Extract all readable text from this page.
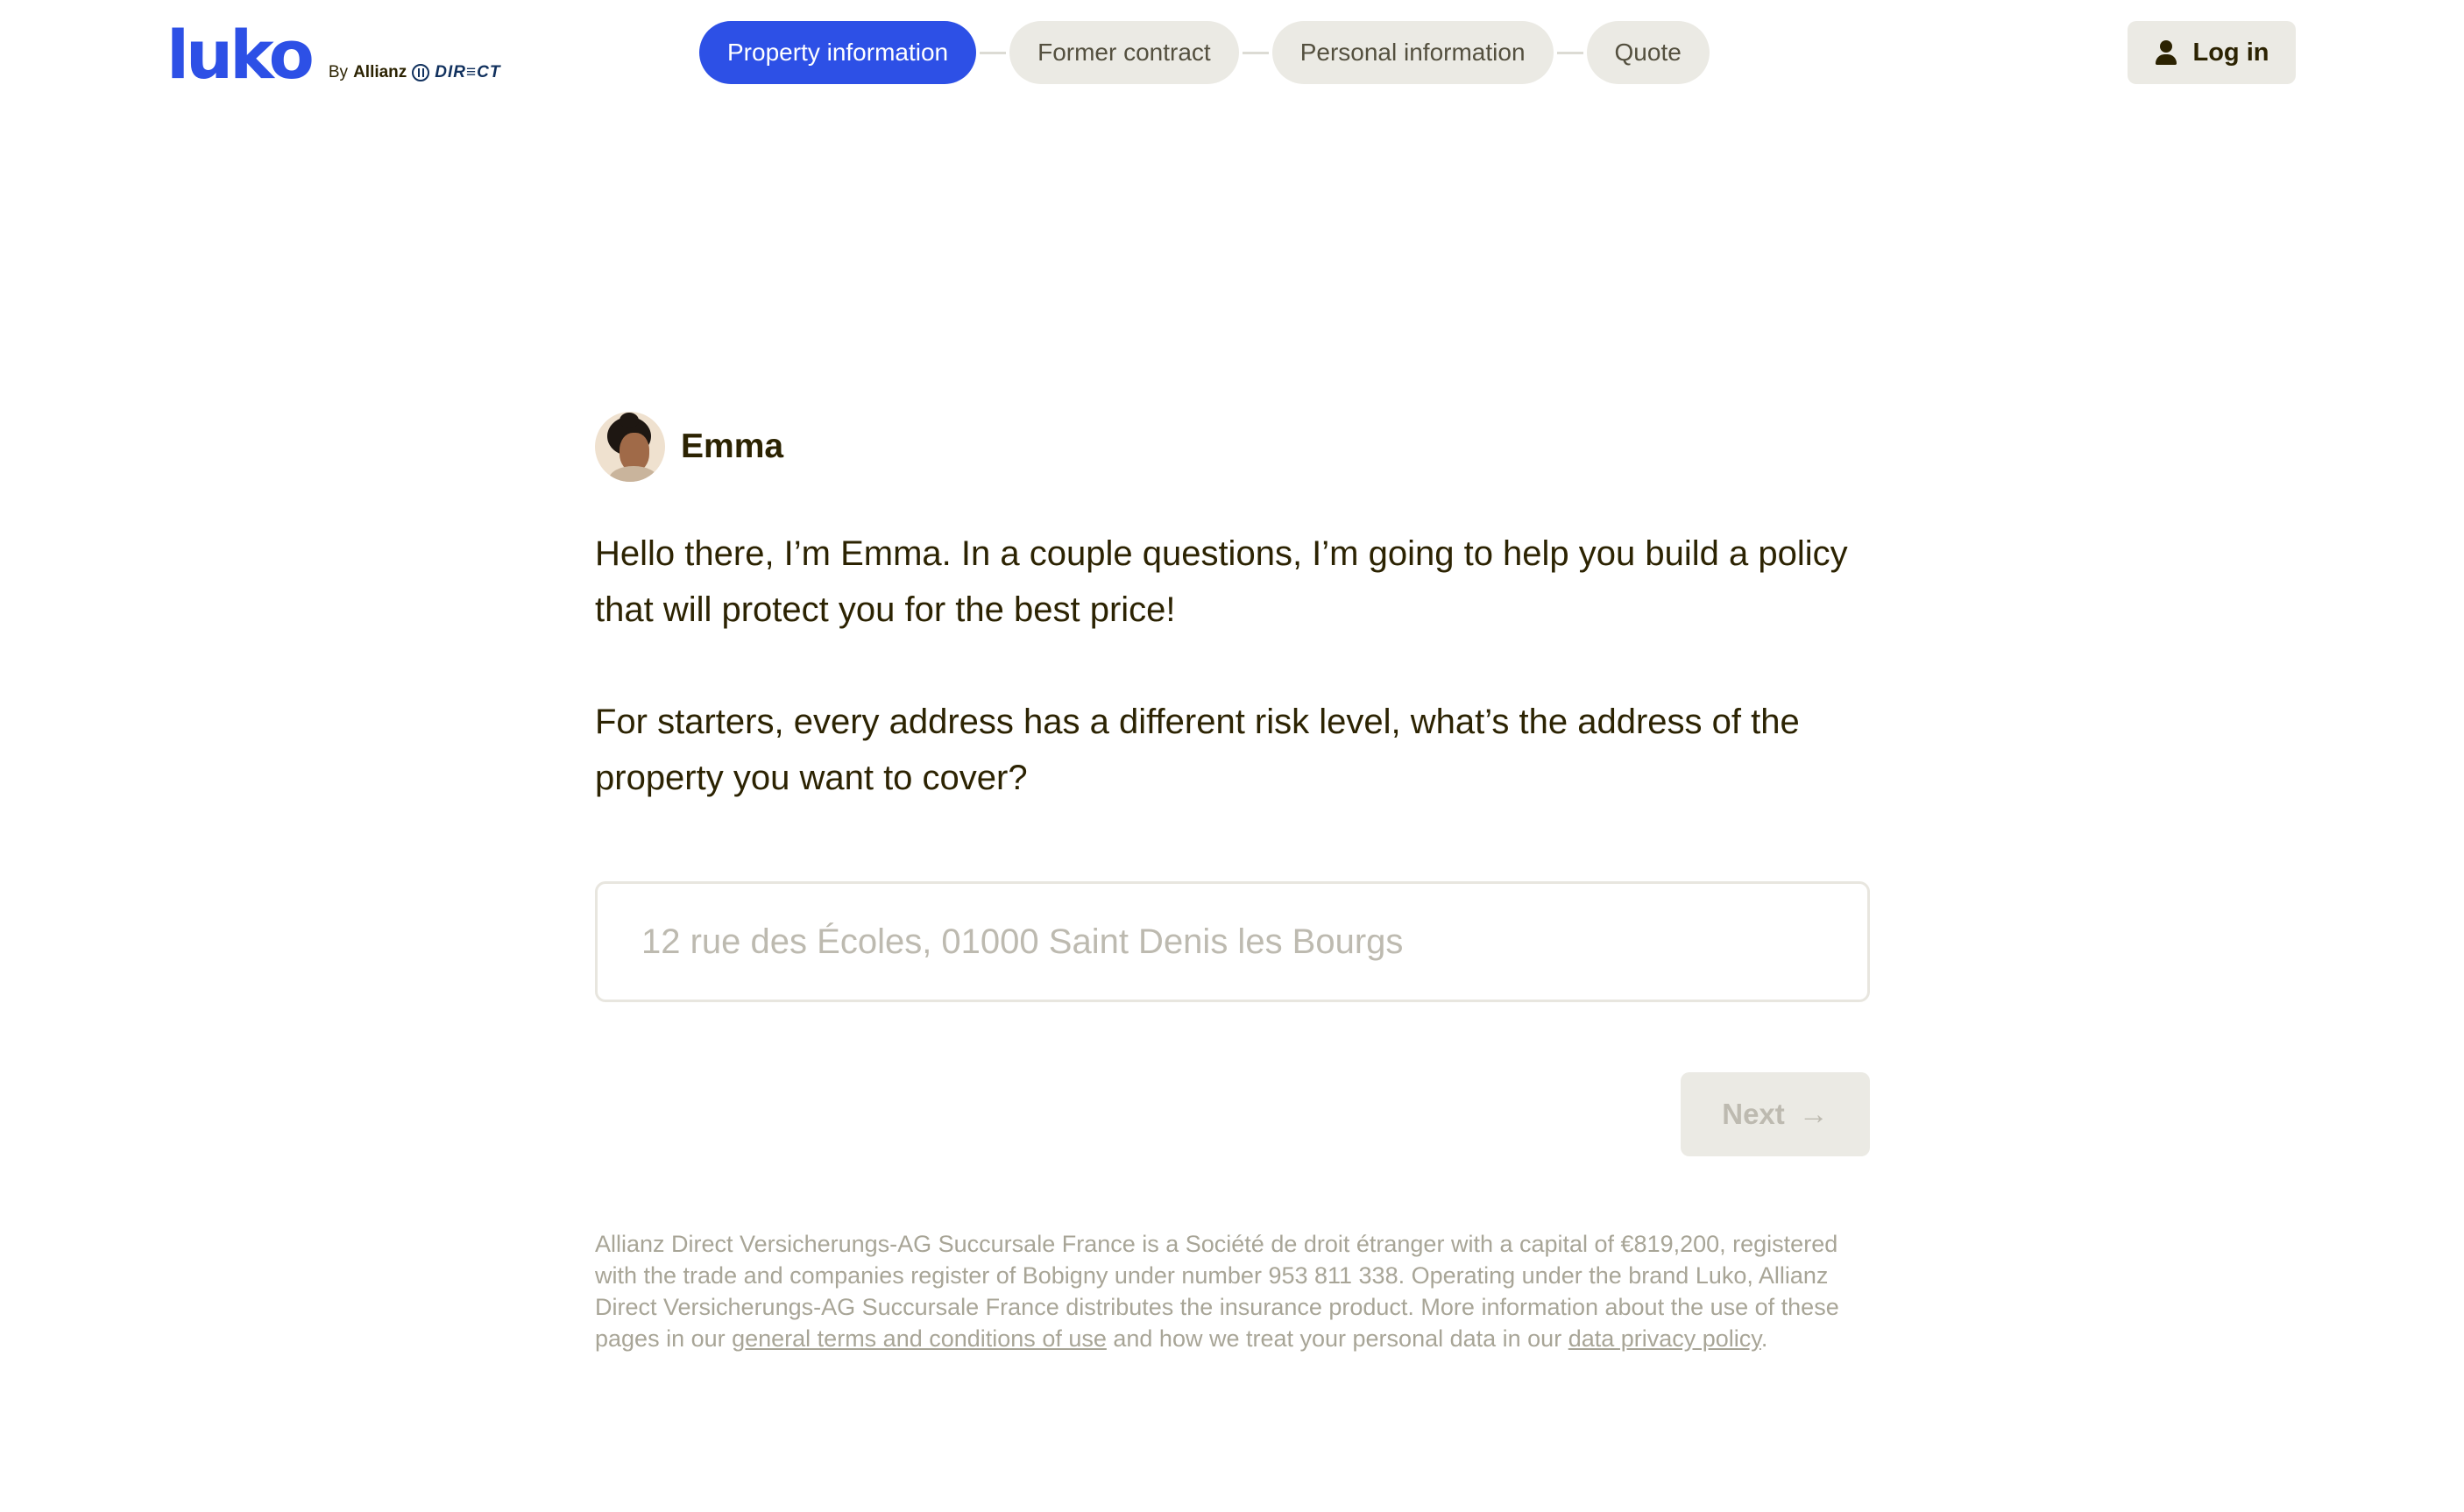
luko By Allianz DIR≡CT
Property information	Former contract	Personal information	Quote	Log in
Emma

Hello there, I’m Emma. In a couple questions, I’m going to help you build a policy that will protect you for the best price!

For starters, every address has a different risk level, what’s the address of the property you want to cover?

12 rue des Écoles, 01000 Saint Denis les Bourgs
Next →

Allianz Direct Versicherungs-AG Succursale France is a Société de droit étranger with a capital of €819,200, registered with the trade and companies register of Bobigny under number 953 811 338. Operating under the brand Luko, Allianz Direct Versicherungs-AG Succursale France distributes the insurance product. More information about the use of these pages in our general terms and conditions of use and how we treat your personal data in our data privacy policy.
